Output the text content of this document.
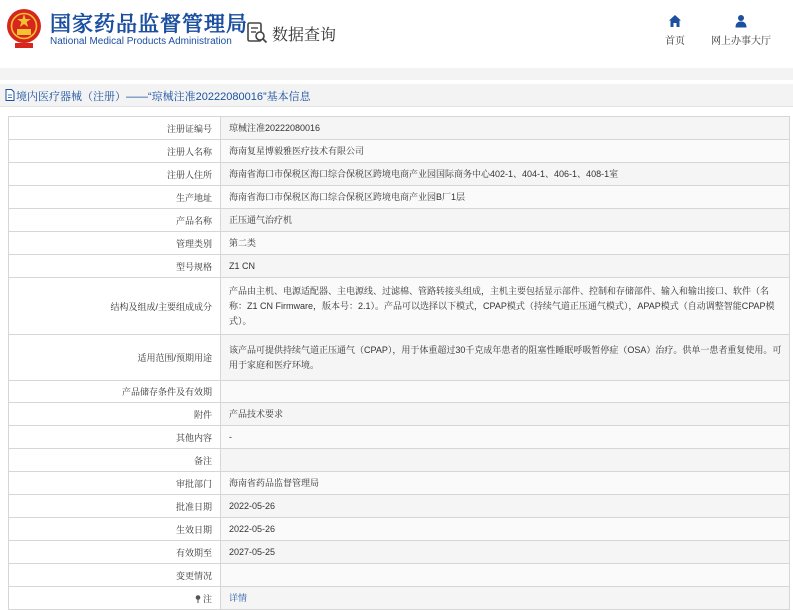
国家药品监督管理局
National Medical Products Administration	数据查询	首页	网上办事大厅
境内医疗器械（注册）——“琼械注准20222080016”基本信息
注册证编号	琼械注准20222080016
注册人名称	海南复星博毅雅医疗技术有限公司
注册人住所	海南省海口市保税区海口综合保税区跨境电商产业园国际商务中心402-1、404-1、406-1、408-1室
生产地址	海南省海口市保税区海口综合保税区跨境电商产业园B厂1层
产品名称	正压通气治疗机
管理类别	第二类
型号规格	Z1 CN
结构及组成/主要组成成分	产品由主机、电源适配器、主电源线、过滤棉、管路转接头组成，主机主要包括显示部件、控制和存储部件、输入和输出接口、软件（名称：Z1 CN Firmware，版本号：2.1）。产品可以选择以下模式，CPAP模式（持续气道正压通气模式），APAP模式（自动调整智能CPAP模式）。
适用范围/预期用途	该产品可提供持续气道正压通气（CPAP），用于体重超过30千克成年患者的阻塞性睡眠呼吸暂停症（OSA）治疗。供单一患者重复使用。可用于家庭和医疗环境。
产品储存条件及有效期	
附件	产品技术要求
其他内容	-
备注	
审批部门	海南省药品监督管理局
批准日期	2022-05-26
生效日期	2022-05-26
有效期至	2027-05-25
变更情况	
注	详情
